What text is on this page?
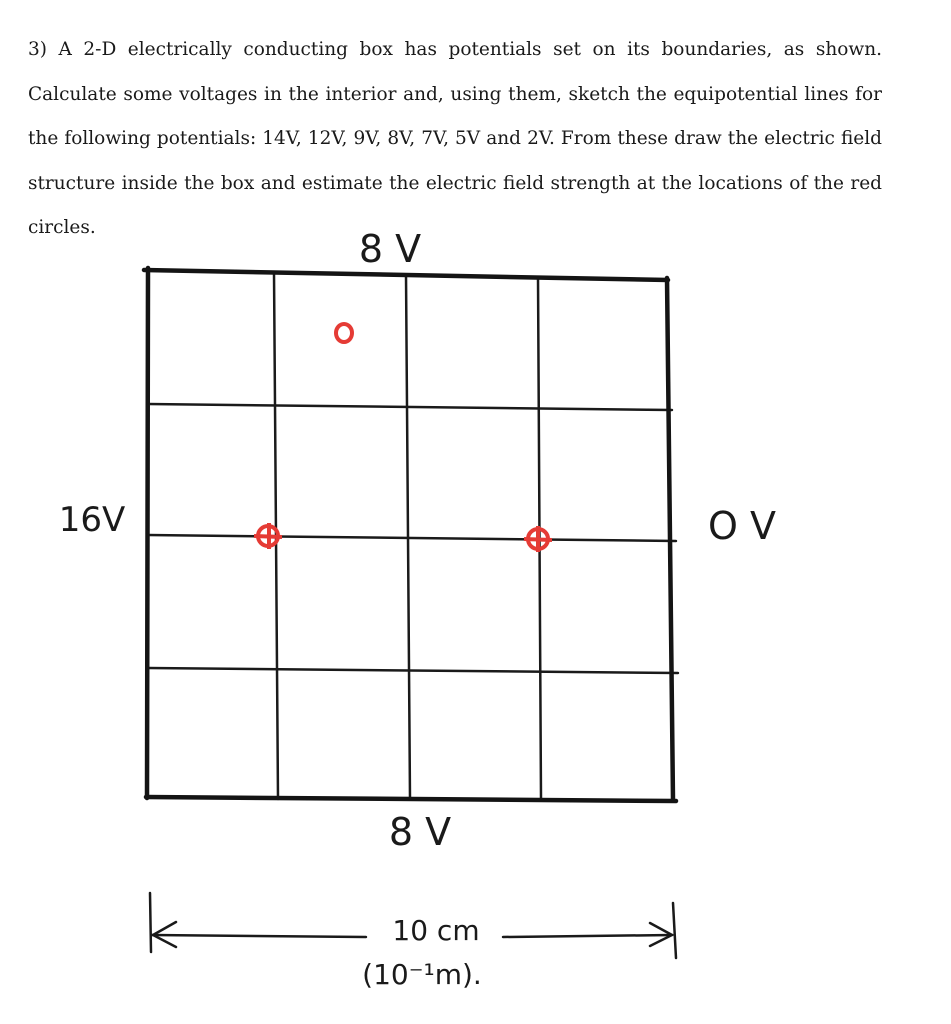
3) A 2-D electrically conducting box has potentials set on its boundaries, as shown. Calculate some voltages in the interior and, using them, sketch the equipotential lines for the following potentials: 14V, 12V, 9V, 8V, 7V, 5V and 2V. From these draw the electric field structure inside the box and estimate the electric field strength at the locations of the red circles.	8 V
16V	O V
8 V
10 cm
(10⁻¹m).
